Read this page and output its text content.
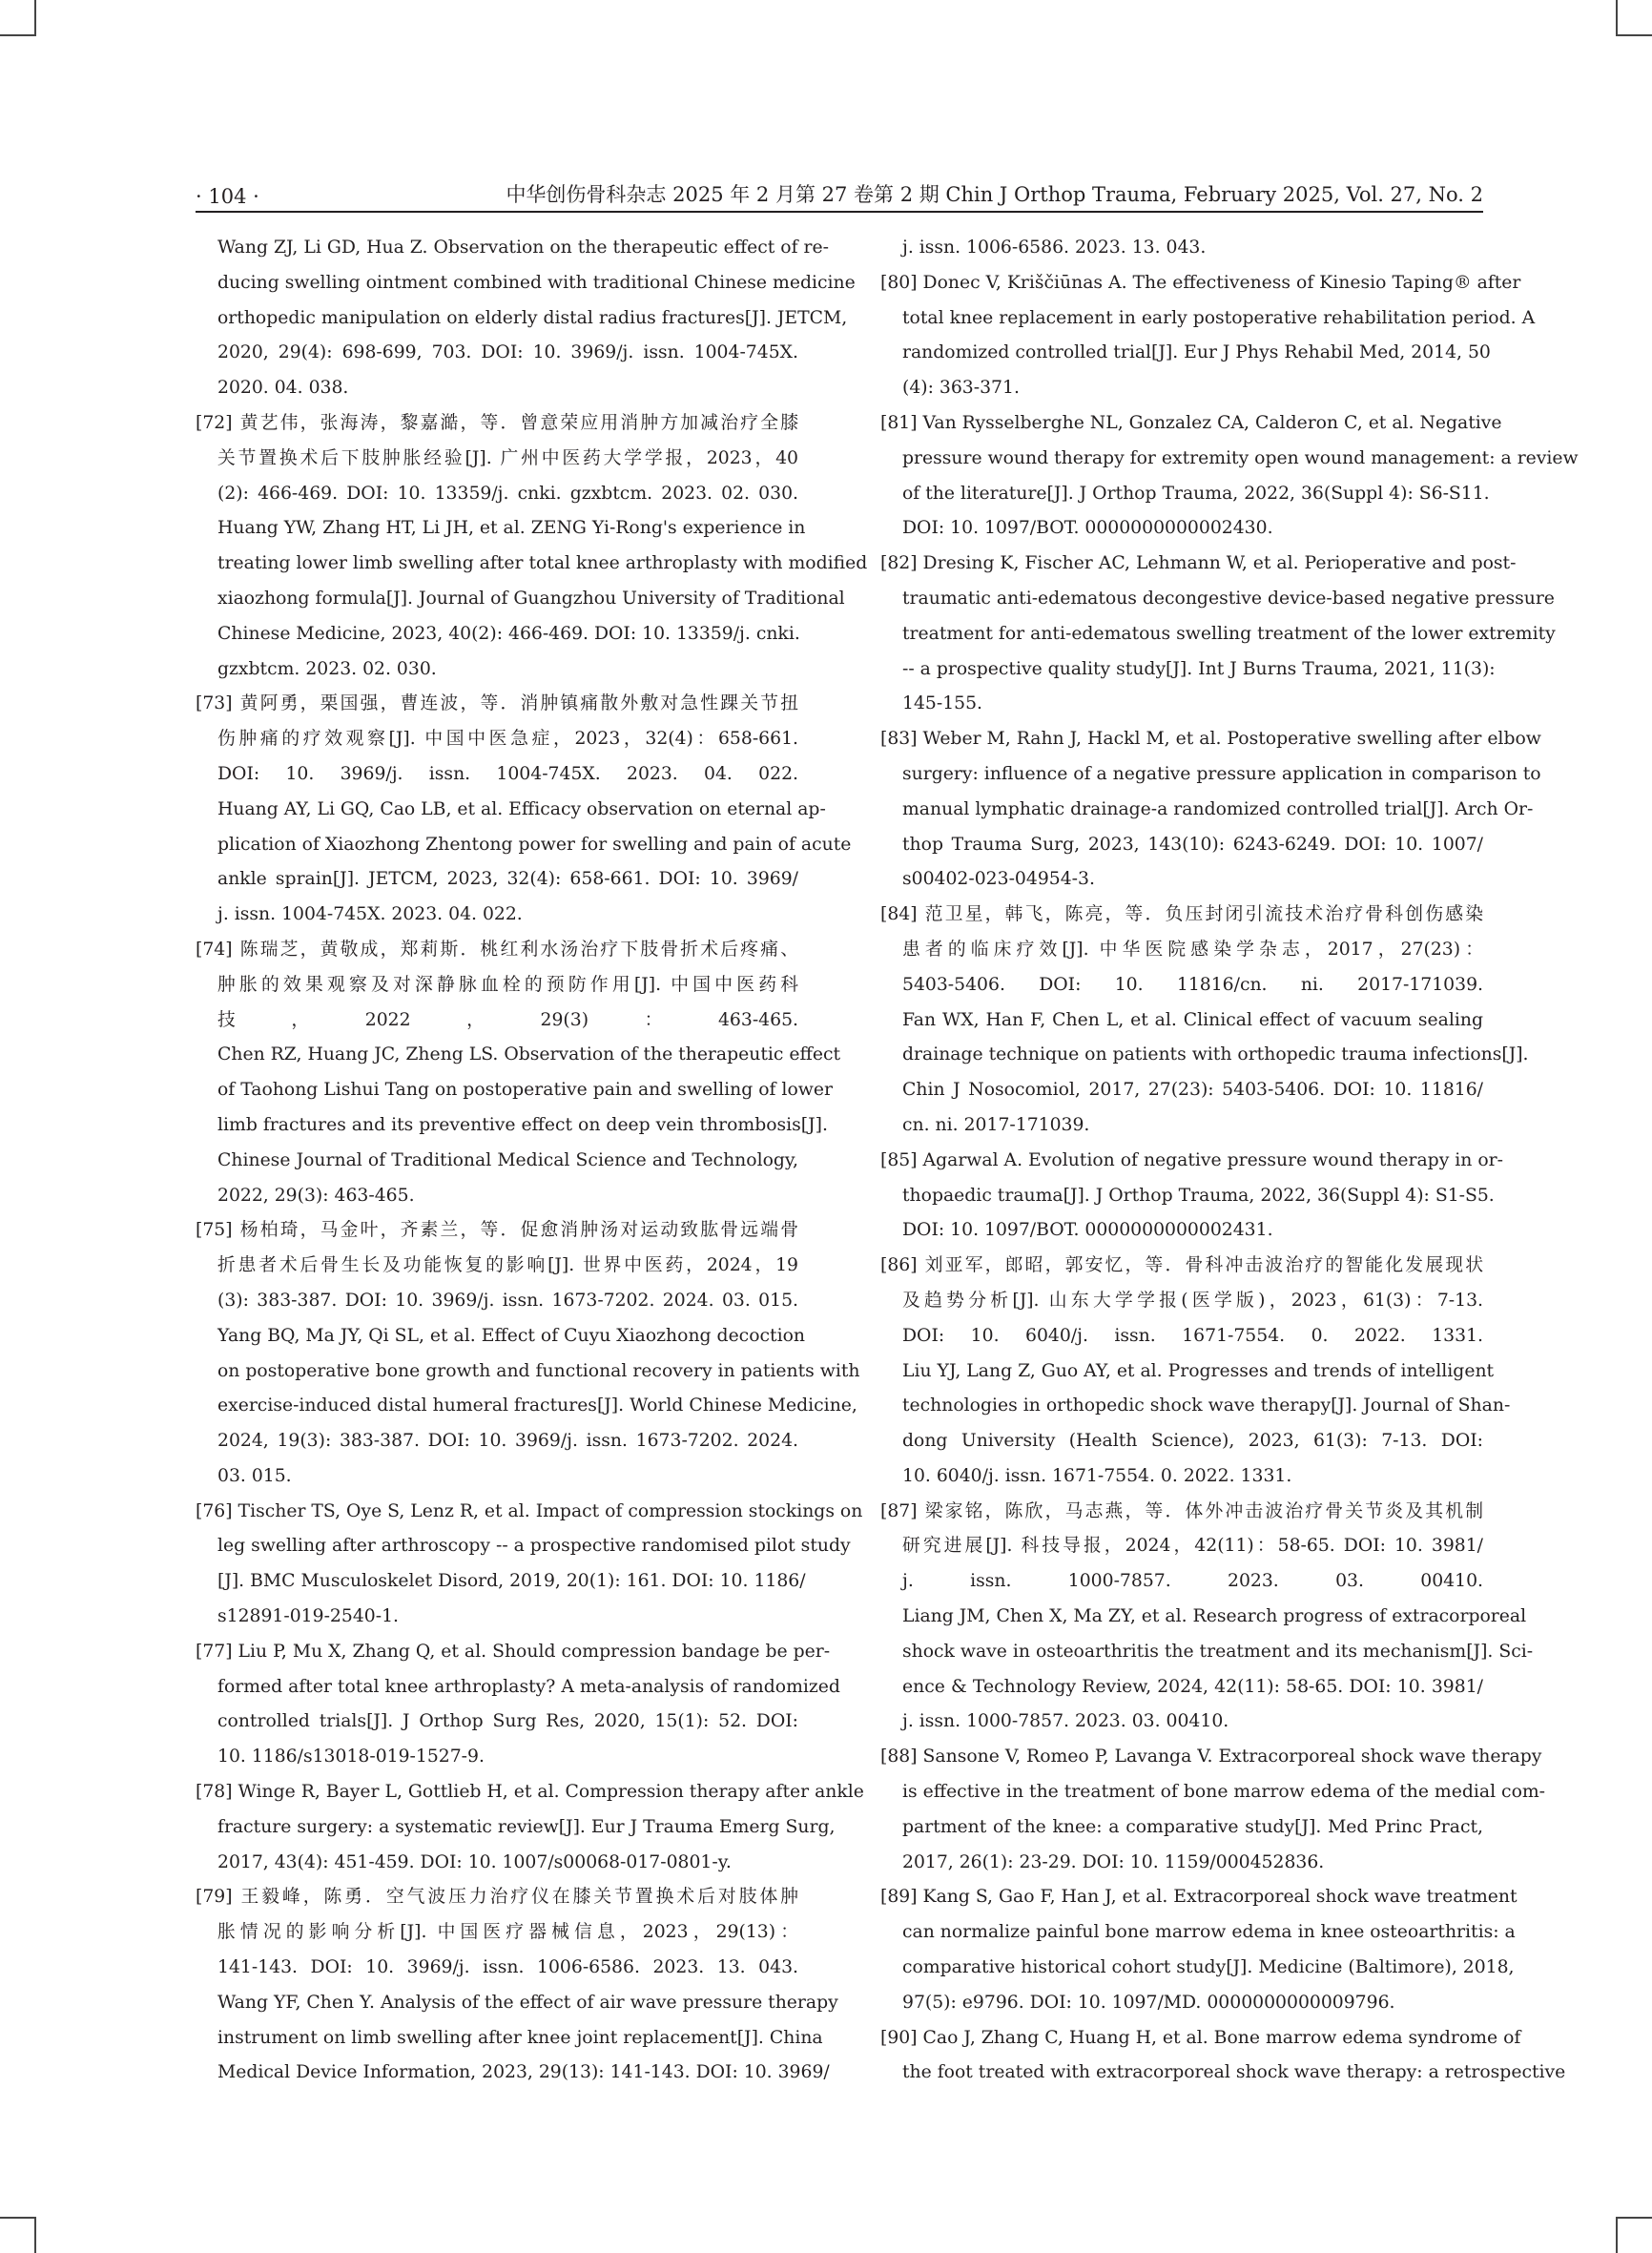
· 104 ·	中华创伤骨科杂志 2025 年 2 月第 27 卷第 2 期 Chin J Orthop Trauma, February 2025, Vol. 27, No. 2
Wang ZJ, Li GD, Hua Z. Observation on the therapeutic effect of re-
ducing swelling ointment combined with traditional Chinese medicine
orthopedic manipulation on elderly distal radius fractures[J]. JETCM,
2020, 29(4): 698-699, 703. DOI: 10. 3969/j. issn. 1004-745X.
2020. 04. 038.
[72] 黄艺伟，张海涛，黎嘉澔，等．曾意荣应用消肿方加减治疗全膝
关节置换术后下肢肿胀经验[J]. 广州中医药大学学报，2023，40
(2): 466-469. DOI: 10. 13359/j. cnki. gzxbtcm. 2023. 02. 030.
Huang YW, Zhang HT, Li JH, et al. ZENG Yi-Rong's experience in
treating lower limb swelling after total knee arthroplasty with modified
xiaozhong formula[J]. Journal of Guangzhou University of Traditional
Chinese Medicine, 2023, 40(2): 466-469. DOI: 10. 13359/j. cnki.
gzxbtcm. 2023. 02. 030.
[73] 黄阿勇，栗国强，曹连波，等．消肿镇痛散外敷对急性踝关节扭
伤肿痛的疗效观察[J]. 中国中医急症，2023，32(4)：658-661.
DOI: 10. 3969/j. issn. 1004-745X. 2023. 04. 022.
Huang AY, Li GQ, Cao LB, et al. Efficacy observation on eternal ap-
plication of Xiaozhong Zhentong power for swelling and pain of acute
ankle sprain[J]. JETCM, 2023, 32(4): 658-661. DOI: 10. 3969/
j. issn. 1004-745X. 2023. 04. 022.
[74] 陈瑞芝，黄敬成，郑莉斯．桃红利水汤治疗下肢骨折术后疼痛、
肿胀的效果观察及对深静脉血栓的预防作用[J]. 中国中医药科
技，2022，29(3)：463-465.
Chen RZ, Huang JC, Zheng LS. Observation of the therapeutic effect
of Taohong Lishui Tang on postoperative pain and swelling of lower
limb fractures and its preventive effect on deep vein thrombosis[J].
Chinese Journal of Traditional Medical Science and Technology,
2022, 29(3): 463-465.
[75] 杨柏琦，马金叶，齐素兰，等．促愈消肿汤对运动致肱骨远端骨
折患者术后骨生长及功能恢复的影响[J]. 世界中医药，2024，19
(3): 383-387. DOI: 10. 3969/j. issn. 1673-7202. 2024. 03. 015.
Yang BQ, Ma JY, Qi SL, et al. Effect of Cuyu Xiaozhong decoction
on postoperative bone growth and functional recovery in patients with
exercise-induced distal humeral fractures[J]. World Chinese Medicine,
2024, 19(3): 383-387. DOI: 10. 3969/j. issn. 1673-7202. 2024.
03. 015.
[76] Tischer TS, Oye S, Lenz R, et al. Impact of compression stockings on
leg swelling after arthroscopy -- a prospective randomised pilot study
[J]. BMC Musculoskelet Disord, 2019, 20(1): 161. DOI: 10. 1186/
s12891-019-2540-1.
[77] Liu P, Mu X, Zhang Q, et al. Should compression bandage be per-
formed after total knee arthroplasty? A meta-analysis of randomized
controlled trials[J]. J Orthop Surg Res, 2020, 15(1): 52. DOI:
10. 1186/s13018-019-1527-9.
[78] Winge R, Bayer L, Gottlieb H, et al. Compression therapy after ankle
fracture surgery: a systematic review[J]. Eur J Trauma Emerg Surg,
2017, 43(4): 451-459. DOI: 10. 1007/s00068-017-0801-y.
[79] 王毅峰，陈勇．空气波压力治疗仪在膝关节置换术后对肢体肿
胀情况的影响分析[J]. 中国医疗器械信息，2023，29(13)：
141-143. DOI: 10. 3969/j. issn. 1006-6586. 2023. 13. 043.
Wang YF, Chen Y. Analysis of the effect of air wave pressure therapy
instrument on limb swelling after knee joint replacement[J]. China
Medical Device Information, 2023, 29(13): 141-143. DOI: 10. 3969/
j. issn. 1006-6586. 2023. 13. 043.
[80] Donec V, Kriščiūnas A. The effectiveness of Kinesio Taping® after
total knee replacement in early postoperative rehabilitation period. A
randomized controlled trial[J]. Eur J Phys Rehabil Med, 2014, 50
(4): 363-371.
[81] Van Rysselberghe NL, Gonzalez CA, Calderon C, et al. Negative
pressure wound therapy for extremity open wound management: a review
of the literature[J]. J Orthop Trauma, 2022, 36(Suppl 4): S6-S11.
DOI: 10. 1097/BOT. 0000000000002430.
[82] Dresing K, Fischer AC, Lehmann W, et al. Perioperative and post-
traumatic anti-edematous decongestive device-based negative pressure
treatment for anti-edematous swelling treatment of the lower extremity
-- a prospective quality study[J]. Int J Burns Trauma, 2021, 11(3):
145-155.
[83] Weber M, Rahn J, Hackl M, et al. Postoperative swelling after elbow
surgery: influence of a negative pressure application in comparison to
manual lymphatic drainage-a randomized controlled trial[J]. Arch Or-
thop Trauma Surg, 2023, 143(10): 6243-6249. DOI: 10. 1007/
s00402-023-04954-3.
[84] 范卫星，韩飞，陈亮，等．负压封闭引流技术治疗骨科创伤感染
患者的临床疗效[J]. 中华医院感染学杂志，2017，27(23)：
5403-5406. DOI: 10. 11816/cn. ni. 2017-171039.
Fan WX, Han F, Chen L, et al. Clinical effect of vacuum sealing
drainage technique on patients with orthopedic trauma infections[J].
Chin J Nosocomiol, 2017, 27(23): 5403-5406. DOI: 10. 11816/
cn. ni. 2017-171039.
[85] Agarwal A. Evolution of negative pressure wound therapy in or-
thopaedic trauma[J]. J Orthop Trauma, 2022, 36(Suppl 4): S1-S5.
DOI: 10. 1097/BOT. 0000000000002431.
[86] 刘亚军，郎昭，郭安忆，等．骨科冲击波治疗的智能化发展现状
及趋势分析[J]. 山东大学学报(医学版)，2023，61(3)：7-13.
DOI: 10. 6040/j. issn. 1671-7554. 0. 2022. 1331.
Liu YJ, Lang Z, Guo AY, et al. Progresses and trends of intelligent
technologies in orthopedic shock wave therapy[J]. Journal of Shan-
dong University (Health Science), 2023, 61(3): 7-13. DOI:
10. 6040/j. issn. 1671-7554. 0. 2022. 1331.
[87] 梁家铭，陈欣，马志燕，等．体外冲击波治疗骨关节炎及其机制
研究进展[J]. 科技导报，2024，42(11)：58-65. DOI: 10. 3981/
j. issn. 1000-7857. 2023. 03. 00410.
Liang JM, Chen X, Ma ZY, et al. Research progress of extracorporeal
shock wave in osteoarthritis the treatment and its mechanism[J]. Sci-
ence & Technology Review, 2024, 42(11): 58-65. DOI: 10. 3981/
j. issn. 1000-7857. 2023. 03. 00410.
[88] Sansone V, Romeo P, Lavanga V. Extracorporeal shock wave therapy
is effective in the treatment of bone marrow edema of the medial com-
partment of the knee: a comparative study[J]. Med Princ Pract,
2017, 26(1): 23-29. DOI: 10. 1159/000452836.
[89] Kang S, Gao F, Han J, et al. Extracorporeal shock wave treatment
can normalize painful bone marrow edema in knee osteoarthritis: a
comparative historical cohort study[J]. Medicine (Baltimore), 2018,
97(5): e9796. DOI: 10. 1097/MD. 0000000000009796.
[90] Cao J, Zhang C, Huang H, et al. Bone marrow edema syndrome of
the foot treated with extracorporeal shock wave therapy: a retrospective
